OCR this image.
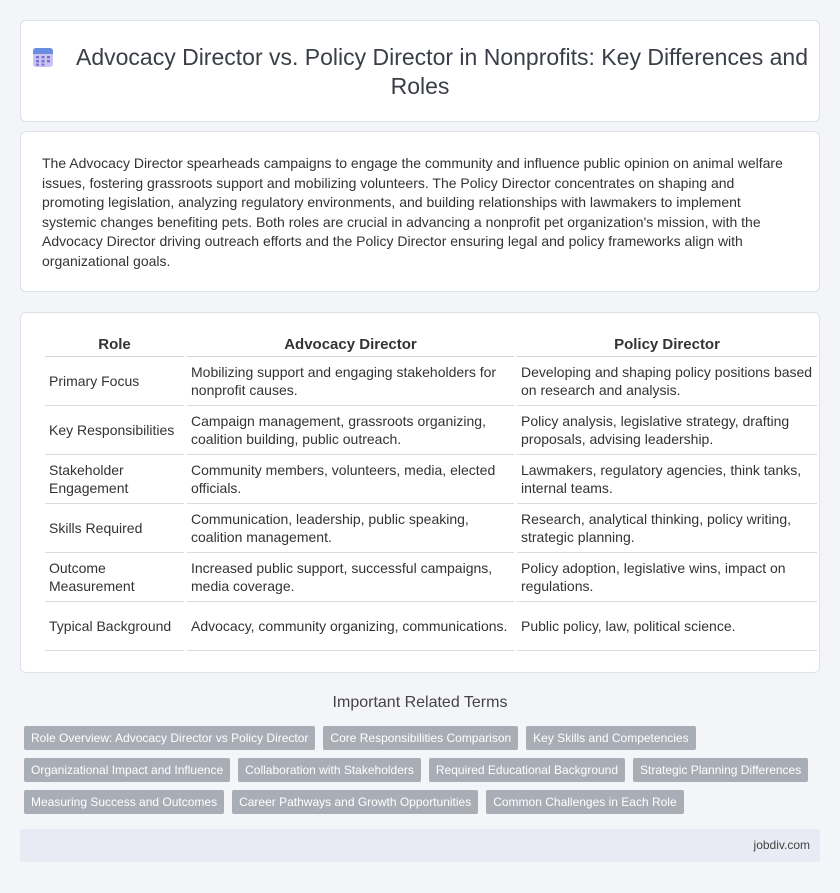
Advocacy Director vs. Policy Director in Nonprofits: Key Differences and Roles

The Advocacy Director spearheads campaigns to engage the community and influence public opinion on animal welfare issues, fostering grassroots support and mobilizing volunteers. The Policy Director concentrates on shaping and promoting legislation, analyzing regulatory environments, and building relationships with lawmakers to implement systemic changes benefiting pets. Both roles are crucial in advancing a nonprofit pet organization's mission, with the Advocacy Director driving outreach efforts and the Policy Director ensuring legal and policy frameworks align with organizational goals.

Role	Advocacy Director	Policy Director
Primary Focus	Mobilizing support and engaging stakeholders for nonprofit causes.	Developing and shaping policy positions based on research and analysis.
Key Responsibilities	Campaign management, grassroots organizing, coalition building, public outreach.	Policy analysis, legislative strategy, drafting proposals, advising leadership.
Stakeholder Engagement	Community members, volunteers, media, elected officials.	Lawmakers, regulatory agencies, think tanks, internal teams.
Skills Required	Communication, leadership, public speaking, coalition management.	Research, analytical thinking, policy writing, strategic planning.
Outcome Measurement	Increased public support, successful campaigns, media coverage.	Policy adoption, legislative wins, impact on regulations.
Typical Background	Advocacy, community organizing, communications.	Public policy, law, political science.
Important Related Terms
Role Overview: Advocacy Director vs Policy Director	Core Responsibilities Comparison	Key Skills and Competencies
Organizational Impact and Influence	Collaboration with Stakeholders	Required Educational Background	Strategic Planning Differences
Measuring Success and Outcomes	Career Pathways and Growth Opportunities	Common Challenges in Each Role
jobdiv.com
